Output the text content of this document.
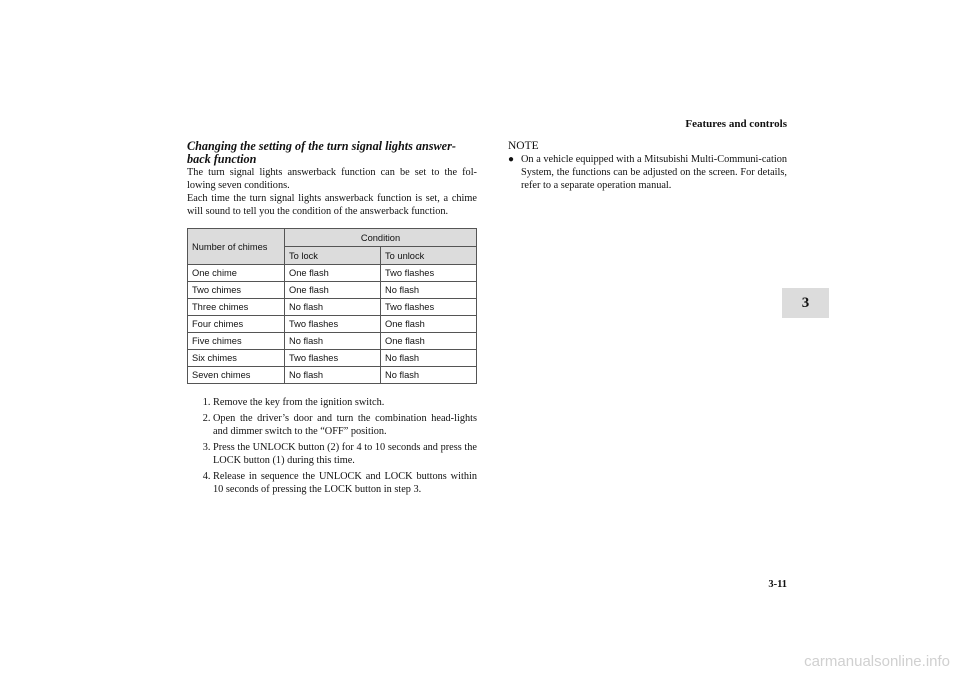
Features and controls
3
Changing the setting of the turn signal lights answer-back function

The turn signal lights answerback function can be set to the fol-lowing seven conditions.

Each time the turn signal lights answerback function is set, a chime will sound to tell you the condition of the answerback function.

Number of chimes	Condition	
	To lock	To unlock
One chime	One flash	Two flashes
Two chimes	One flash	No flash
Three chimes	No flash	Two flashes
Four chimes	Two flashes	One flash
Five chimes	No flash	One flash
Six chimes	Two flashes	No flash
Seven chimes	No flash	No flash
1. Remove the key from the ignition switch.
2. Open the driver’s door and turn the combination head-lights and dimmer switch to the “OFF” position.
3. Press the UNLOCK button (2) for 4 to 10 seconds and press the LOCK button (1) during this time.
4. Release in sequence the UNLOCK and LOCK buttons within 10 seconds of pressing the LOCK button in step 3.

NOTE

● On a vehicle equipped with a Mitsubishi Multi-Communi-cation System, the functions can be adjusted on the screen. For details, refer to a separate operation manual.
3-11
carmanualsonline.info
